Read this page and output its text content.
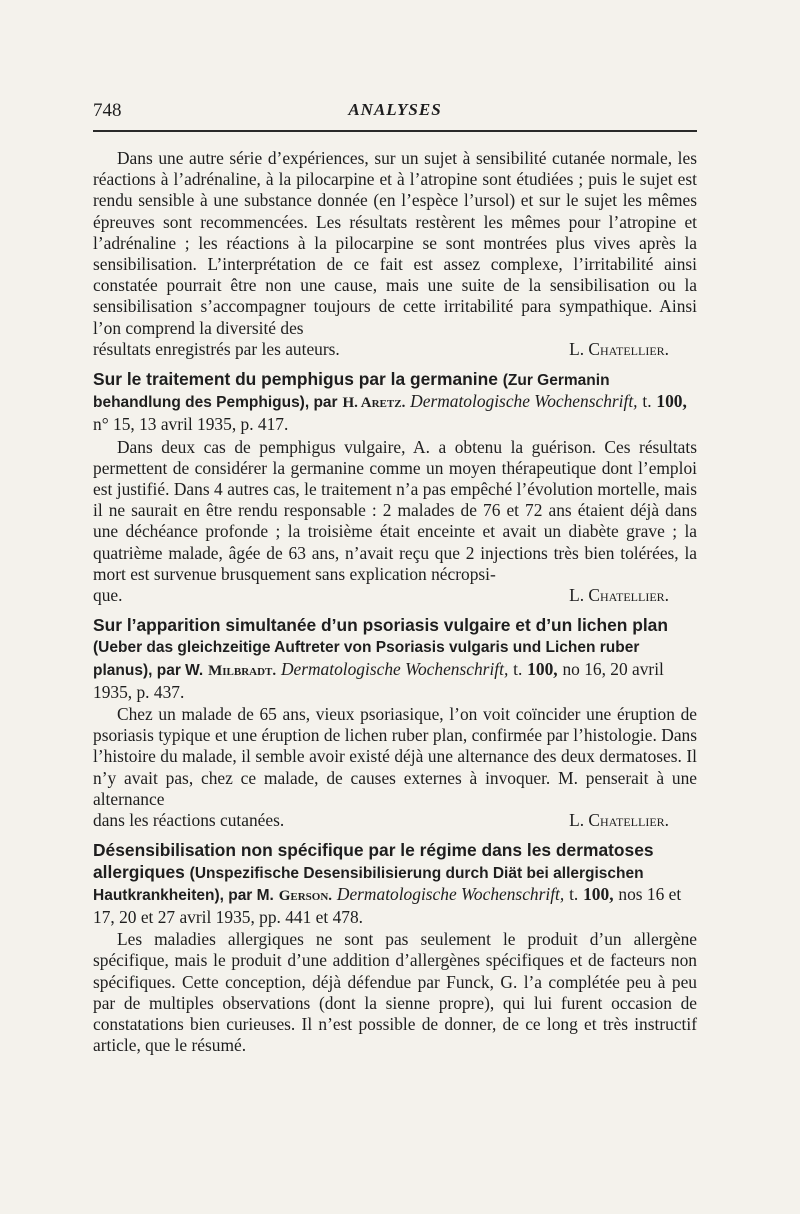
748	ANALYSES

Dans une autre série d’expériences, sur un sujet à sensibilité cutanée normale, les réactions à l’adrénaline, à la pilocarpine et à l’atropine sont étudiées ; puis le sujet est rendu sensible à une substance donnée (en l’espèce l’ursol) et sur le sujet les mêmes épreuves sont recommencées. Les résultats restèrent les mêmes pour l’atropine et l’adrénaline ; les réactions à la pilocarpine se sont montrées plus vives après la sensibilisation. L’interprétation de ce fait est assez complexe, l’irritabilité ainsi constatée pourrait être non une cause, mais une suite de la sensibilisation ou la sensibilisation s’accompagner toujours de cette irritabilité para sympathique. Ainsi l’on comprend la diversité des

résultats enregistrés par les auteurs.	L. Chatellier.
Sur le traitement du pemphigus par la germanine (Zur Germanin behandlung des Pemphigus), par H. Aretz. Dermatologische Wochenschrift, t. 100, n° 15, 13 avril 1935, p. 417.

Dans deux cas de pemphigus vulgaire, A. a obtenu la guérison. Ces résultats permettent de considérer la germanine comme un moyen thérapeutique dont l’emploi est justifié. Dans 4 autres cas, le traitement n’a pas empêché l’évolution mortelle, mais il ne saurait en être rendu responsable : 2 malades de 76 et 72 ans étaient déjà dans une déchéance profonde ; la troisième était enceinte et avait un diabète grave ; la quatrième malade, âgée de 63 ans, n’avait reçu que 2 injections très bien tolérées, la mort est survenue brusquement sans explication nécropsi-

que.	L. Chatellier.
Sur l’apparition simultanée d’un psoriasis vulgaire et d’un lichen plan (Ueber das gleichzeitige Auftreter von Psoriasis vulgaris und Lichen ruber planus), par W. Milbradt. Dermatologische Wochenschrift, t. 100, no 16, 20 avril 1935, p. 437.

Chez un malade de 65 ans, vieux psoriasique, l’on voit coïncider une éruption de psoriasis typique et une éruption de lichen ruber plan, confirmée par l’histologie. Dans l’histoire du malade, il semble avoir existé déjà une alternance des deux dermatoses. Il n’y avait pas, chez ce malade, de causes externes à invoquer. M. penserait à une alternance

dans les réactions cutanées.	L. Chatellier.
Désensibilisation non spécifique par le régime dans les dermatoses allergiques (Unspezifische Desensibilisierung durch Diät bei allergischen Hautkrankheiten), par M. Gerson. Dermatologische Wochenschrift, t. 100, nos 16 et 17, 20 et 27 avril 1935, pp. 441 et 478.

Les maladies allergiques ne sont pas seulement le produit d’un allergène spécifique, mais le produit d’une addition d’allergènes spécifiques et de facteurs non spécifiques. Cette conception, déjà défendue par Funck, G. l’a complétée peu à peu par de multiples observations (dont la sienne propre), qui lui furent occasion de constatations bien curieuses. Il n’est possible de donner, de ce long et très instructif article, que le résumé.
